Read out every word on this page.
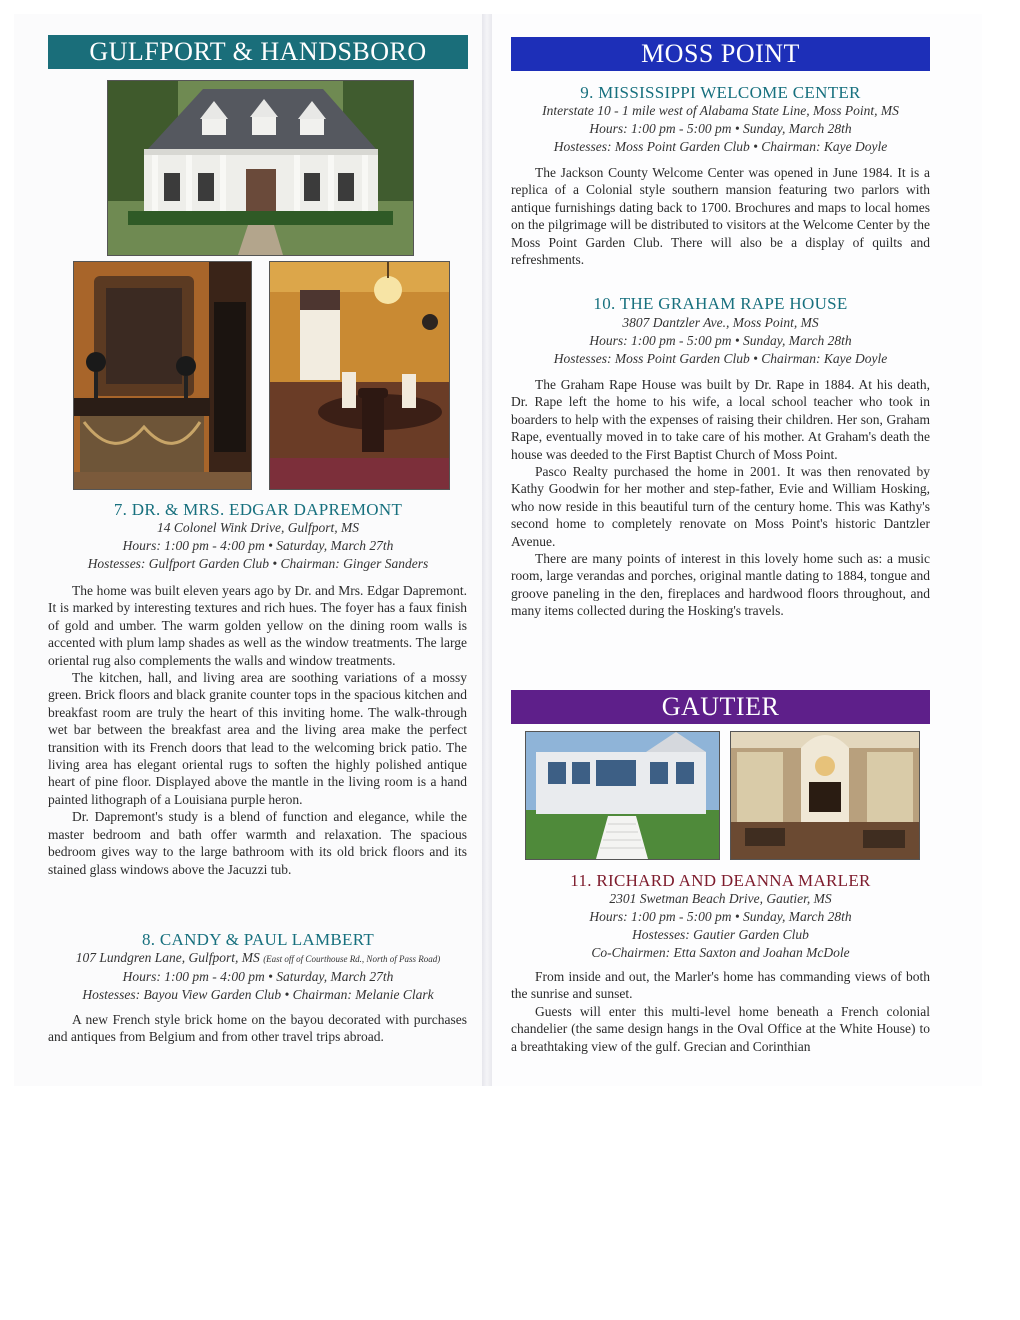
GULFPORT & HANDSBORO
7. DR. & MRS. EDGAR DAPREMONT
14 Colonel Wink Drive, Gulfport, MS
Hours: 1:00 pm - 4:00 pm • Saturday, March 27th
Hostesses: Gulfport Garden Club • Chairman: Ginger Sanders

The home was built eleven years ago by Dr. and Mrs. Edgar Dapremont. It is marked by interesting textures and rich hues. The foyer has a faux finish of gold and umber. The warm golden yellow on the dining room walls is accented with plum lamp shades as well as the window treatments. The large oriental rug also complements the walls and window treatments.

The kitchen, hall, and living area are soothing variations of a mossy green. Brick floors and black granite counter tops in the spacious kitchen and breakfast room are truly the heart of this inviting home. The walk-through wet bar between the breakfast area and the living area make the perfect transition with its French doors that lead to the welcoming brick patio. The living area has elegant oriental rugs to soften the highly polished antique heart of pine floor. Displayed above the mantle in the living room is a hand painted lithograph of a Louisiana purple heron.

Dr. Dapremont's study is a blend of function and elegance, while the master bedroom and bath offer warmth and relaxation. The spacious bedroom gives way to the large bathroom with its old brick floors and its stained glass windows above the Jacuzzi tub.

8. CANDY & PAUL LAMBERT
107 Lundgren Lane, Gulfport, MS (East off of Courthouse Rd., North of Pass Road)
Hours: 1:00 pm - 4:00 pm • Saturday, March 27th
Hostesses: Bayou View Garden Club • Chairman: Melanie Clark

A new French style brick home on the bayou decorated with purchases and antiques from Belgium and from other travel trips abroad.

MOSS POINT
9. MISSISSIPPI WELCOME CENTER
Interstate 10 - 1 mile west of Alabama State Line, Moss Point, MS
Hours: 1:00 pm - 5:00 pm • Sunday, March 28th
Hostesses: Moss Point Garden Club • Chairman: Kaye Doyle

The Jackson County Welcome Center was opened in June 1984. It is a replica of a Colonial style southern mansion featuring two parlors with antique furnishings dating back to 1700. Brochures and maps to local homes on the pilgrimage will be distributed to visitors at the Welcome Center by the Moss Point Garden Club. There will also be a display of quilts and refreshments.

10. THE GRAHAM RAPE HOUSE
3807 Dantzler Ave., Moss Point, MS
Hours: 1:00 pm - 5:00 pm • Sunday, March 28th
Hostesses: Moss Point Garden Club • Chairman: Kaye Doyle

The Graham Rape House was built by Dr. Rape in 1884. At his death, Dr. Rape left the home to his wife, a local school teacher who took in boarders to help with the expenses of raising their children. Her son, Graham Rape, eventually moved in to take care of his mother. At Graham's death the house was deeded to the First Baptist Church of Moss Point.

Pasco Realty purchased the home in 2001. It was then renovated by Kathy Goodwin for her mother and step-father, Evie and William Hosking, who now reside in this beautiful turn of the century home. This was Kathy's second home to completely renovate on Moss Point's historic Dantzler Avenue.

There are many points of interest in this lovely home such as: a music room, large verandas and porches, original mantle dating to 1884, tongue and groove paneling in the den, fireplaces and hardwood floors throughout, and many items collected during the Hosking's travels.

GAUTIER
11. RICHARD AND DEANNA MARLER
2301 Swetman Beach Drive, Gautier, MS
Hours: 1:00 pm - 5:00 pm • Sunday, March 28th
Hostesses: Gautier Garden Club
Co-Chairmen: Etta Saxton and Joahan McDole

From inside and out, the Marler's home has commanding views of both the sunrise and sunset.

Guests will enter this multi-level home beneath a French colonial chandelier (the same design hangs in the Oval Office at the White House) to a breathtaking view of the gulf. Grecian and Corinthian
